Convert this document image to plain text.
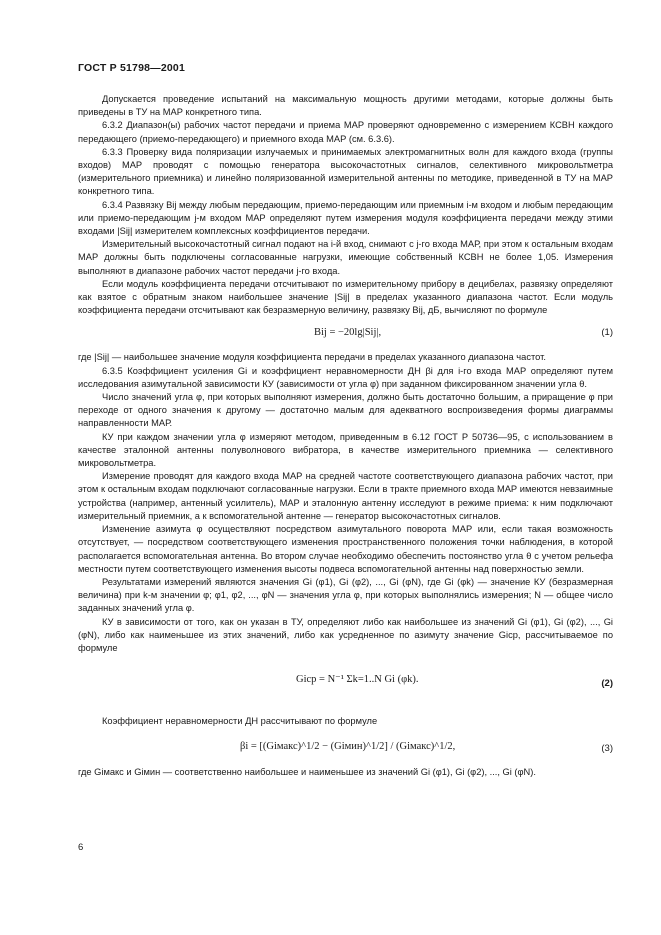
ГОСТ Р 51798—2001

Допускается проведение испытаний на максимальную мощность другими методами, которые должны быть приведены в ТУ на МАР конкретного типа.

6.3.2 Диапазон(ы) рабочих частот передачи и приема МАР проверяют одновременно с измерением КСВН каждого передающего (приемо-передающего) и приемного входа МАР (см. 6.3.6).

6.3.3 Проверку вида поляризации излучаемых и принимаемых электромагнитных волн для каждого входа (группы входов) МАР проводят с помощью генератора высокочастотных сигналов, селективного микровольтметра (измерительного приемника) и линейно поляризованной измерительной антенны по методике, приведенной в ТУ на МАР конкретного типа.

6.3.4 Развязку Bij между любым передающим, приемо-передающим или приемным i-м входом и любым передающим или приемо-передающим j-м входом МАР определяют путем измерения модуля коэффициента передачи между этими входами |Sij| измерителем комплексных коэффициентов передачи.

Измерительный высокочастотный сигнал подают на i-й вход, снимают с j-го входа МАР, при этом к остальным входам МАР должны быть подключены согласованные нагрузки, имеющие собственный КСВН не более 1,05. Измерения выполняют в диапазоне рабочих частот передачи j-го входа.

Если модуль коэффициента передачи отсчитывают по измерительному прибору в децибелах, развязку определяют как взятое с обратным знаком наибольшее значение |Sij| в пределах указанного диапазона частот. Если модуль коэффициента передачи отсчитывают как безразмерную величину, развязку Bij, дБ, вычисляют по формуле

Bij = −20lg|Sij|,	(1)

где |Sij| — наибольшее значение модуля коэффициента передачи в пределах указанного диапазона частот.

6.3.5 Коэффициент усиления Gi и коэффициент неравномерности ДН βi для i-го входа МАР определяют путем исследования азимутальной зависимости КУ (зависимости от угла φ) при заданном фиксированном значении угла θ.

Число значений угла φ, при которых выполняют измерения, должно быть достаточно большим, а приращение φ при переходе от одного значения к другому — достаточно малым для адекватного воспроизведения формы диаграммы направленности МАР.

КУ при каждом значении угла φ измеряют методом, приведенным в 6.12 ГОСТ Р 50736—95, с использованием в качестве эталонной антенны полуволнового вибратора, в качестве измерительного приемника — селективного микровольтметра.

Измерение проводят для каждого входа МАР на средней частоте соответствующего диапазона рабочих частот, при этом к остальным входам подключают согласованные нагрузки. Если в тракте приемного входа МАР имеются невзаимные устройства (например, антенный усилитель), МАР и эталонную антенну исследуют в режиме приема: к ним подключают измерительный приемник, а к вспомогательной антенне — генератор высокочастотных сигналов.

Изменение азимута φ осуществляют посредством азимутального поворота МАР или, если такая возможность отсутствует, — посредством соответствующего изменения пространственного положения точки наблюдения, в которой располагается вспомогательная антенна. Во втором случае необходимо обеспечить постоянство угла θ с учетом рельефа местности путем соответствующего изменения высоты подвеса вспомогательной антенны над поверхностью земли.

Результатами измерений являются значения Gi (φ1), Gi (φ2), ..., Gi (φN), где Gi (φk) — значение КУ (безразмерная величина) при k-м значении φ; φ1, φ2, ..., φN — значения угла φ, при которых выполнялись измерения; N — общее число заданных значений угла φ.

КУ в зависимости от того, как он указан в ТУ, определяют либо как наибольшее из значений Gi (φ1), Gi (φ2), ..., Gi (φN), либо как наименьшее из этих значений, либо как усредненное по азимуту значение Gicp, рассчитываемое по формуле

Gicp = N⁻¹ Σk=1..N Gi (φk).	(2)

Коэффициент неравномерности ДН рассчитывают по формуле

βi = [(Giмакс)^1/2 − (Giмин)^1/2] / (Giмакс)^1/2,	(3)

где Giмакс и Giмин — соответственно наибольшее и наименьшее из значений Gi (φ1), Gi (φ2), ..., Gi (φN).

6
